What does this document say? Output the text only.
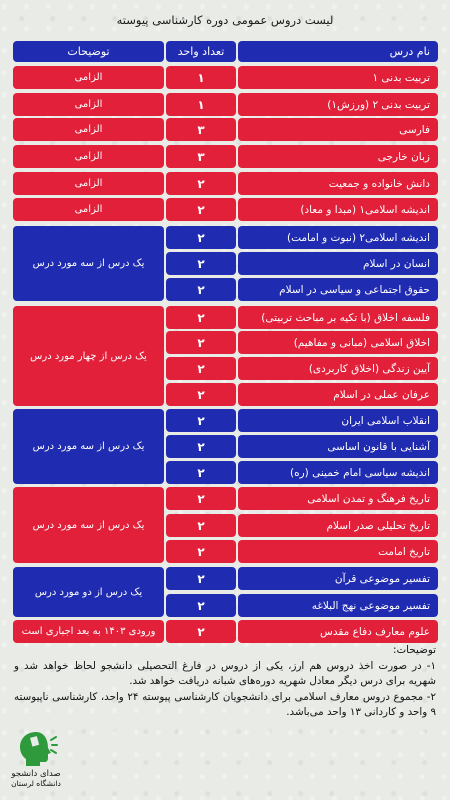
لیست دروس عمومی دوره کارشناسی پیوسته
نام درس
تعداد واحد
توضیحات
تربیت بدنی ۱
۱
الزامی
تربیت بدنی ۲ (ورزش۱)
۱
الزامی
فارسی
۳
الزامی
زبان خارجی
۳
الزامی
دانش خانواده و جمعیت
۲
الزامی
اندیشه اسلامی۱ (مبدا و معاد)
۲
الزامی
اندیشه اسلامی۲ (نبوت و امامت)
۲
انسان در اسلام
۲
حقوق اجتماعی و سیاسی در اسلام
۲
فلسفه اخلاق (با تکیه بر مباحث تربیتی)
۲
اخلاق اسلامی (مبانی و مفاهیم)
۲
آیین زندگی (اخلاق کاربردی)
۲
عرفان عملی در اسلام
۲
انقلاب اسلامی ایران
۲
آشنایی با قانون اساسی
۲
اندیشه سیاسی امام خمینی (ره)
۲
تاریخ فرهنگ و تمدن اسلامی
۲
تاریخ تحلیلی صدر اسلام
۲
تاریخ امامت
۲
تفسیر موضوعی قرآن
۲
تفسیر موضوعی نهج البلاغه
۲
علوم معارف دفاع مقدس
۲
ورودی ۱۴۰۳ به بعد اجباری است
یک درس از سه مورد درس
یک درس از چهار مورد درس
یک درس از سه مورد درس
یک درس از سه مورد درس
یک درس از دو مورد درس

توضیحات:

۱- در صورت اخذ دروس هم ارز، یکی از دروس در فارغ التحصیلی دانشجو لحاظ خواهد شد و شهریه برای درس دیگر معادل شهریه دوره‌های شبانه دریافت خواهد شد.

۲- مجموع دروس معارف اسلامی برای دانشجویان کارشناسی پیوسته ۲۴ واحد، کارشناسی ناپیوسته ۹ واحد و کاردانی ۱۳ واحد می‌باشد.

صدای دانشجو
دانشگاه لرستان
